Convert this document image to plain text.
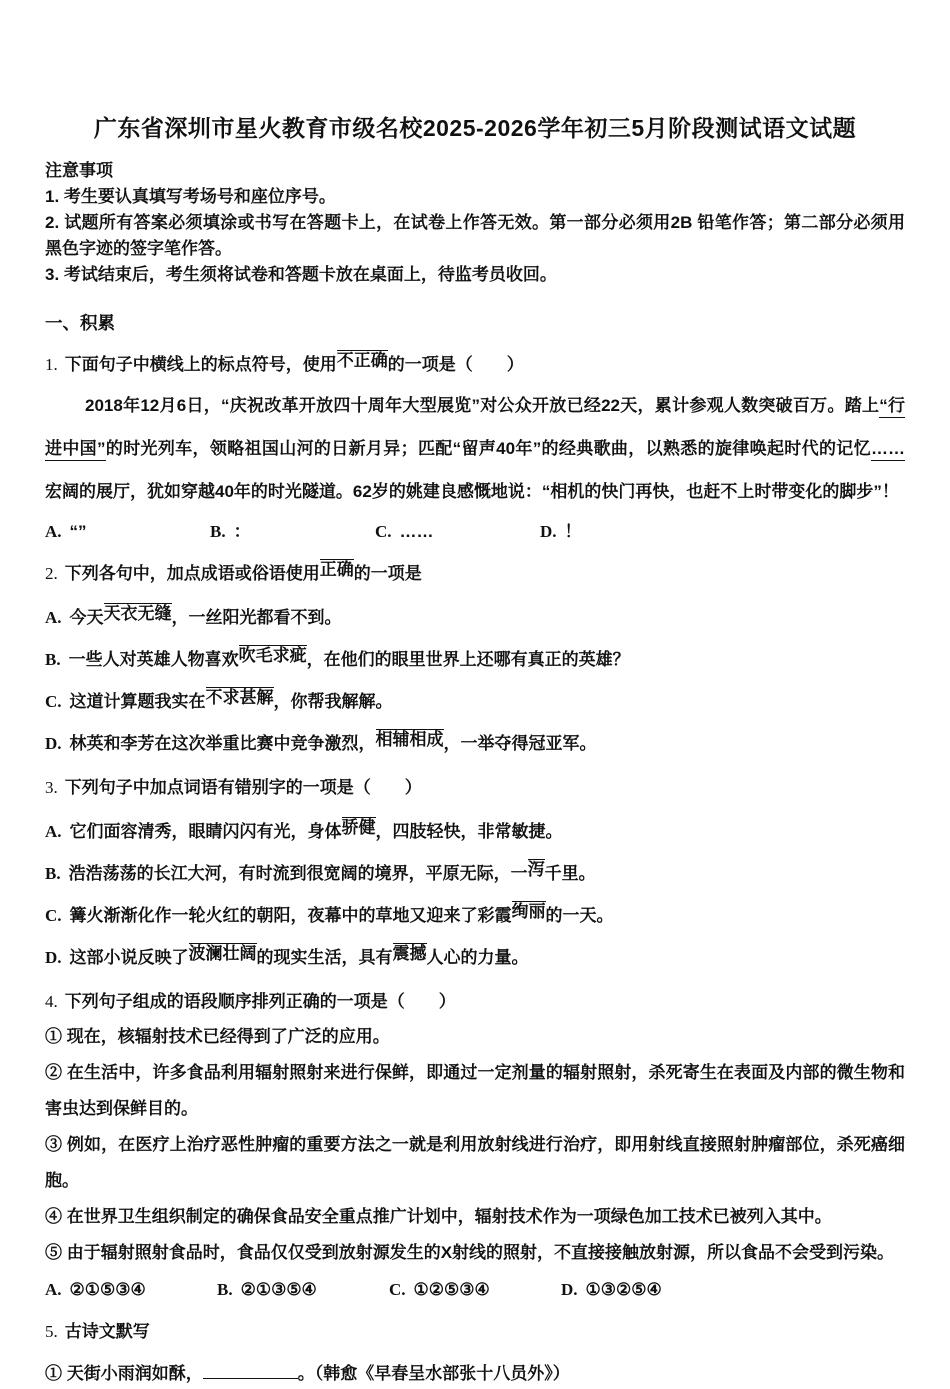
广东省深圳市星火教育市级名校2025-2026学年初三5月阶段测试语文试题
注意事项
1. 考生要认真填写考场号和座位序号。
2. 试题所有答案必须填涂或书写在答题卡上，在试卷上作答无效。第一部分必须用2B 铅笔作答；第二部分必须用黑色字迹的签字笔作答。
3. 考试结束后，考生须将试卷和答题卡放在桌面上，待监考员收回。
一、积累
1. 下面句子中横线上的标点符号，使用不正确的一项是（　　）

2018年12月6日，“庆祝改革开放四十周年大型展览”对公众开放已经22天，累计参观人数突破百万。踏上“行进中国”的时光列车，领略祖国山河的日新月异；匹配“留声40年”的经典歌曲，以熟悉的旋律唤起时代的记忆……宏阔的展厅，犹如穿越40年的时光隧道。62岁的姚建良感慨地说：“相机的快门再快，也赶不上时带变化的脚步”！

A. “”	B. ：	C. ……	D. ！
2. 下列各句中，加点成语或俗语使用正确的一项是
A. 今天天衣无缝，一丝阳光都看不到。
B. 一些人对英雄人物喜欢吹毛求疵，在他们的眼里世界上还哪有真正的英雄？
C. 这道计算题我实在不求甚解，你帮我解解。
D. 林英和李芳在这次举重比赛中竞争激烈，相辅相成，一举夺得冠亚军。
3. 下列句子中加点词语有错别字的一项是（　　）
A. 它们面容清秀，眼睛闪闪有光，身体骄健，四肢轻快，非常敏捷。
B. 浩浩荡荡的长江大河，有时流到很宽阔的境界，平原无际，一泻千里。
C. 篝火渐渐化作一轮火红的朝阳，夜幕中的草地又迎来了彩霞绚丽的一天。
D. 这部小说反映了波澜壮阔的现实生活，具有震撼人心的力量。
4. 下列句子组成的语段顺序排列正确的一项是（　　）

① 现在，核辐射技术已经得到了广泛的应用。

② 在生活中，许多食品利用辐射照射来进行保鲜，即通过一定剂量的辐射照射，杀死寄生在表面及内部的微生物和害虫达到保鲜目的。

③ 例如，在医疗上治疗恶性肿瘤的重要方法之一就是利用放射线进行治疗，即用射线直接照射肿瘤部位，杀死癌细胞。

④ 在世界卫生组织制定的确保食品安全重点推广计划中，辐射技术作为一项绿色加工技术已被列入其中。

⑤ 由于辐射照射食品时，食品仅仅受到放射源发生的X射线的照射，不直接接触放射源，所以食品不会受到污染。

A. ②①⑤③④	B. ②①③⑤④	C. ①②⑤③④	D. ①③②⑤④
5. 古诗文默写
① 天街小雨润如酥，	。（韩愈《早春呈水部张十八员外》）
